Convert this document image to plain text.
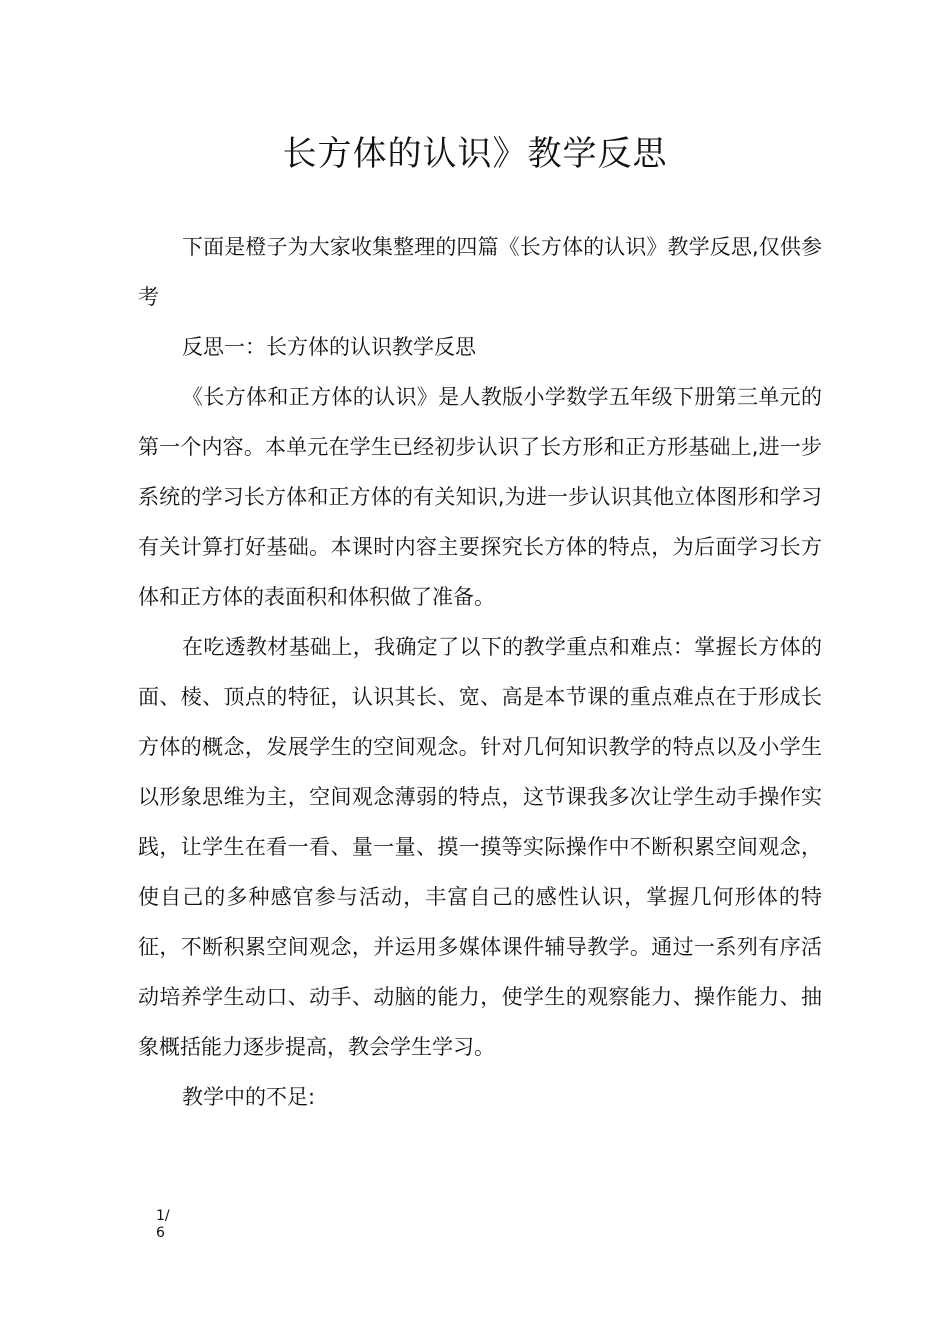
长方体的认识》教学反思

下面是橙子为大家收集整理的四篇《长方体的认识》教学反思,仅供参考

反思一：长方体的认识教学反思

《长方体和正方体的认识》是人教版小学数学五年级下册第三单元的第一个内容。本单元在学生已经初步认识了长方形和正方形基础上,进一步系统的学习长方体和正方体的有关知识,为进一步认识其他立体图形和学习有关计算打好基础。本课时内容主要探究长方体的特点，为后面学习长方体和正方体的表面积和体积做了准备。

在吃透教材基础上，我确定了以下的教学重点和难点：掌握长方体的面、棱、顶点的特征，认识其长、宽、高是本节课的重点难点在于形成长方体的概念，发展学生的空间观念。针对几何知识教学的特点以及小学生以形象思维为主，空间观念薄弱的特点，这节课我多次让学生动手操作实践，让学生在看一看、量一量、摸一摸等实际操作中不断积累空间观念，使自己的多种感官参与活动，丰富自己的感性认识，掌握几何形体的特征，不断积累空间观念，并运用多媒体课件辅导教学。通过一系列有序活动培养学生动口、动手、动脑的能力，使学生的观察能力、操作能力、抽象概括能力逐步提高，教会学生学习。

教学中的不足:

1/
6
